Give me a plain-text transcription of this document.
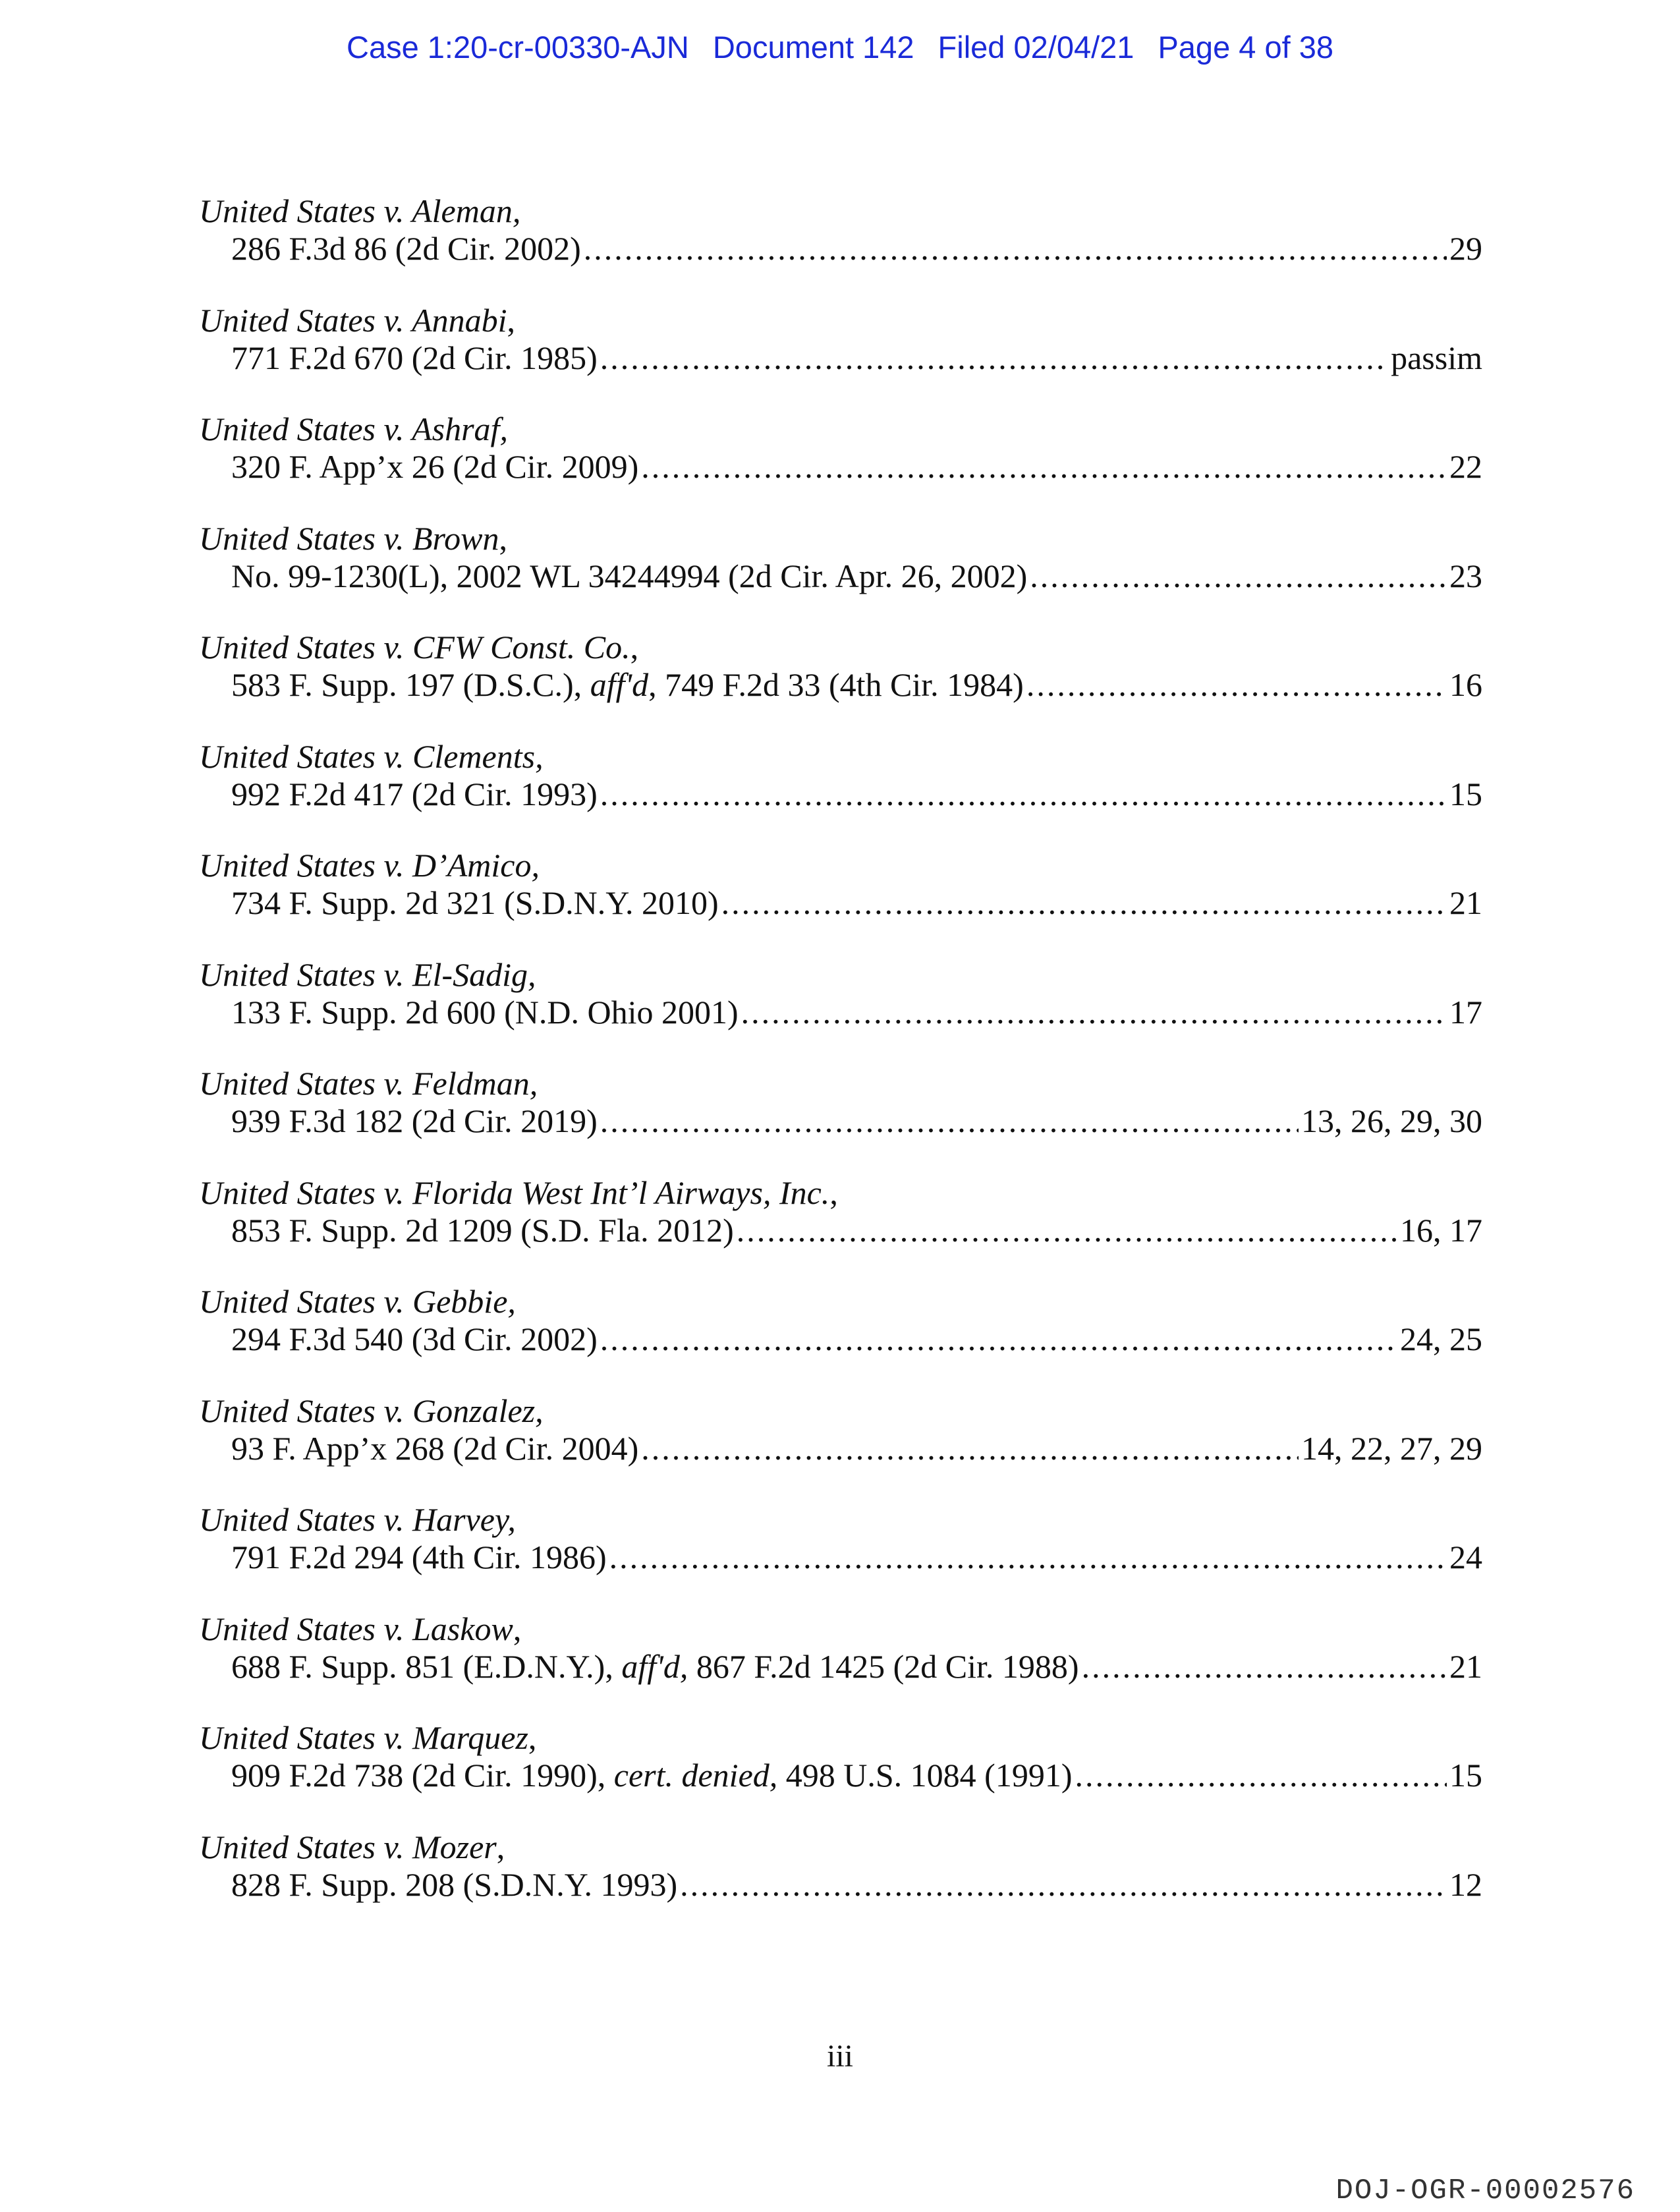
Case 1:20-cr-00330-AJN Document 142 Filed 02/04/21 Page 4 of 38
United States v. Aleman,
286 F.3d 86 (2d Cir. 2002) .....	29
United States v. Annabi,
771 F.2d 670 (2d Cir. 1985) .....	passim
United States v. Ashraf,
320 F. App’x 26 (2d Cir. 2009) .....	22
United States v. Brown,
No. 99-1230(L), 2002 WL 34244994 (2d Cir. Apr. 26, 2002) .....	23
United States v. CFW Const. Co.,
583 F. Supp. 197 (D.S.C.), aff'd, 749 F.2d 33 (4th Cir. 1984) .....	16
United States v. Clements,
992 F.2d 417 (2d Cir. 1993) .....	15
United States v. D’Amico,
734 F. Supp. 2d 321 (S.D.N.Y. 2010) .....	21
United States v. El-Sadig,
133 F. Supp. 2d 600 (N.D. Ohio 2001) .....	17
United States v. Feldman,
939 F.3d 182 (2d Cir. 2019) .....	13, 26, 29, 30
United States v. Florida West Int’l Airways, Inc.,
853 F. Supp. 2d 1209 (S.D. Fla. 2012) .....	16, 17
United States v. Gebbie,
294 F.3d 540 (3d Cir. 2002) .....	24, 25
United States v. Gonzalez,
93 F. App’x 268 (2d Cir. 2004) .....	14, 22, 27, 29
United States v. Harvey,
791 F.2d 294 (4th Cir. 1986) .....	24
United States v. Laskow,
688 F. Supp. 851 (E.D.N.Y.), aff'd, 867 F.2d 1425 (2d Cir. 1988) .....	21
United States v. Marquez,
909 F.2d 738 (2d Cir. 1990), cert. denied, 498 U.S. 1084 (1991) .....	15
United States v. Mozer,
828 F. Supp. 208 (S.D.N.Y. 1993) .....	12
iii
DOJ-OGR-00002576
